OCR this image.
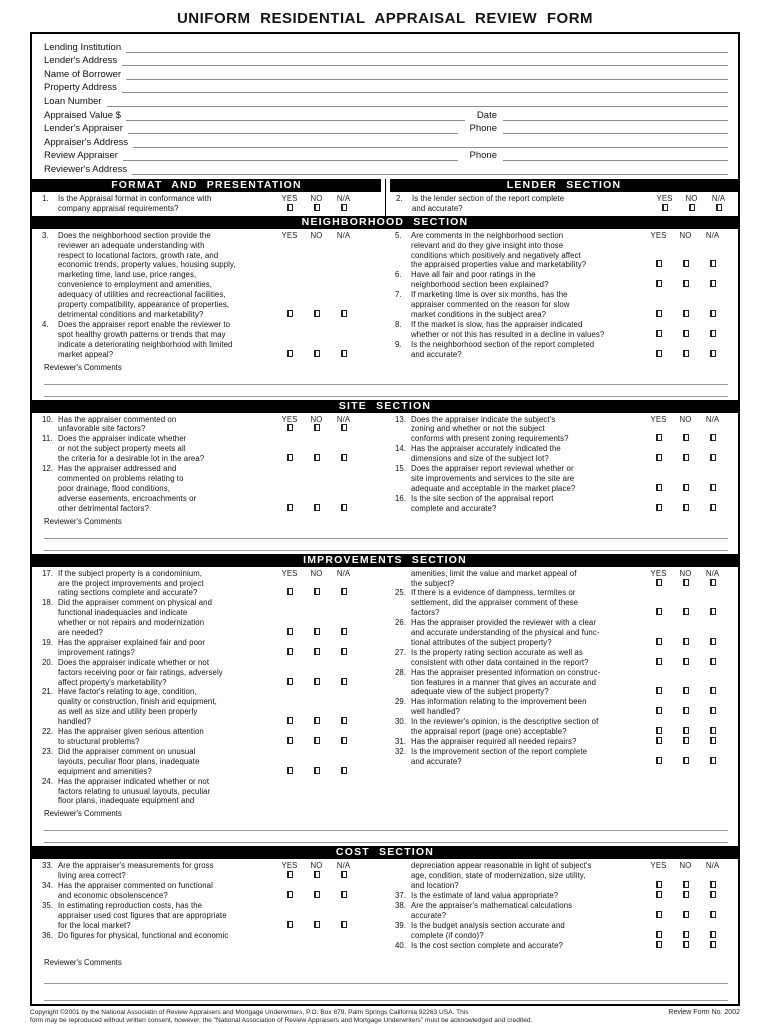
UNIFORM RESIDENTIAL APPRAISAL REVIEW FORM
Lending Institution
Lender's Address
Name of Borrower
Property Address
Loan Number
Appraised Value $	Date
Lender's Appraiser	Phone
Appraiser's Address
Review Appraiser	Phone
Reviewer's Address
FORMAT AND PRESENTATION
1.	Is the Appraisal format in conformance with	YES	NO	N/A
company appraisal requirements?
LENDER SECTION
2.	Is the lender section of the report complete	YES	NO	N/A
and accurate?
NEIGHBORHOOD SECTION
3.	Does the neighborhood section provide the	YES	NO	N/A
reviewer an adequate understanding with
respect to locational factors, growth rate, and
economic trends, property values, housing supply,
marketing time, land use, price ranges,
convenience to employment and amenities,
adequacy of utilities and recreactional facilities,
property compatibility, appearance of properties,
detrimental conditions and marketability?
4.	Does the appraiser report enable the reviewer to
spot healthy growth patterns or trends that may
indicate a deteriorating neighborhood with limited
market appeal?
5.	Are comments in the neighborhood section	YES	NO	N/A
relevant and do they give insight into those
conditions which positively and negatively affect
the appraised properties value and marketability?
6.	Have all fair and poor ratings in the
neighborhood section been explained?
7.	If marketing time is over six months, has the
appraiser commented on the reason for slow
market conditions in the subject area?
8.	If the market is slow, has the appraiser indicated
whether or not this has resulted in a decline in values?
9.	Is the neighborhood section of the report completed
and accurate?
Reviewer's Comments
SITE SECTION
10. Has the appraiser commented on	YES	NO	N/A
unfavorable site factors?
11. Does the appraiser indicate whether
or not the subject property meets all
the criteria for a desirable lot in the area?
12. Has the appraiser addressed and
commented on problems relating to
poor drainage, flood conditions,
adverse easements, encroachments or
other detrimental factors?
13. Does the appraiser indicate the subject's	YES	NO	N/A
zoning and whether or not the subject
conforms with present zoning requirements?
14. Has the appraiser accurately indicated the
dimensions and size of the subject lot?
15. Does the appraiser report reviewal whether or
site improvements and services to the site are
adequate and acceptable in the market place?
16. Is the site section of the appraisal report
complete and accurate?
Reviewer's Comments
IMPROVEMENTS SECTION
17. If the subject property is a condominium,	YES	NO	N/A
are the project improvements and project
rating sections complete and accurate?
18. Did the appraiser comment on physical and
functional inadequacies and indicate
whether or not repairs and modernization
are needed?
19. Has the appraiser explained fair and poor
improvement ratings?
20. Does the appraiser indicate whether or not
factors receiving poor or fair ratings, adversely
affect property's marketability?
21. Have factor's relating to age, condition,
quality or construction, finish and equipment,
as well as size and utility been properly
handled?
22. Has the appraiser given serious attention
to structural problems?
23. Did the appraiser comment on unusual
layouts, peculiar floor plans, inadequate
equipment and amenities?
24. Has the appraiser indicated whether or not
factors relating to unusual layouts, peculiar
floor plans, inadequate equipment and
amenities, limit the value and market appeal of	YES	NO	N/A
the subject?
25. If there is a evidence of dampness, termites or
settlement, did the appraiser comment of these
factors?
26. Has the appraiser provided the reviewer with a clear
and accurate understanding of the physical and func-
tional attributes of the subject property?
27. Is the property rating section accurate as well as
consistent with other data contained in the report?
28. Has the appraiser presented information on construc-
tion features in a manner that gives an accurate and
adequate view of the subject property?
29. Has information relating to the improvement been
well handled?
30. In the reviewer's opinion, is the descriptive section of
the appraisal report (page one) acceptable?
31. Has the appraiser required all needed repairs?
32. Is the improvement section of the report complete
and accurate?
Reviewer's Comments
COST SECTION
33. Are the appraiser's measurements for gross	YES	NO	N/A
living area correct?
34. Has the appraiser commented on functional
and economic obsolenscence?
35. In estimating reproduction costs, has the
appraiser used cost figures that are appropriate
for the local market?
36. Do figures for physical, functional and economic
depreciation appear reasonable in light of subject's	YES	NO	N/A
age, condition, state of modernization, size utility,
and location?
37. Is the estimate of land valua appropriate?
38. Are the appraiser's mathematical calculations
accurate?
39. Is the budget analysis section accurate and
complete (if condo)?
40. Is the cost section complete and accurate?
Reviewer's Comments
Copyright ©2001 by the National Associatin of Review Appraisers and Mortgage Underwriters, P.O. Box 879, Palm Springs California 92263 USA. This
form may be reproduced without written consent, however, the "National Association of Review Appraisers and Mortgage Underwriters" must be acknowledged and credited.
Review Form No. 2002
